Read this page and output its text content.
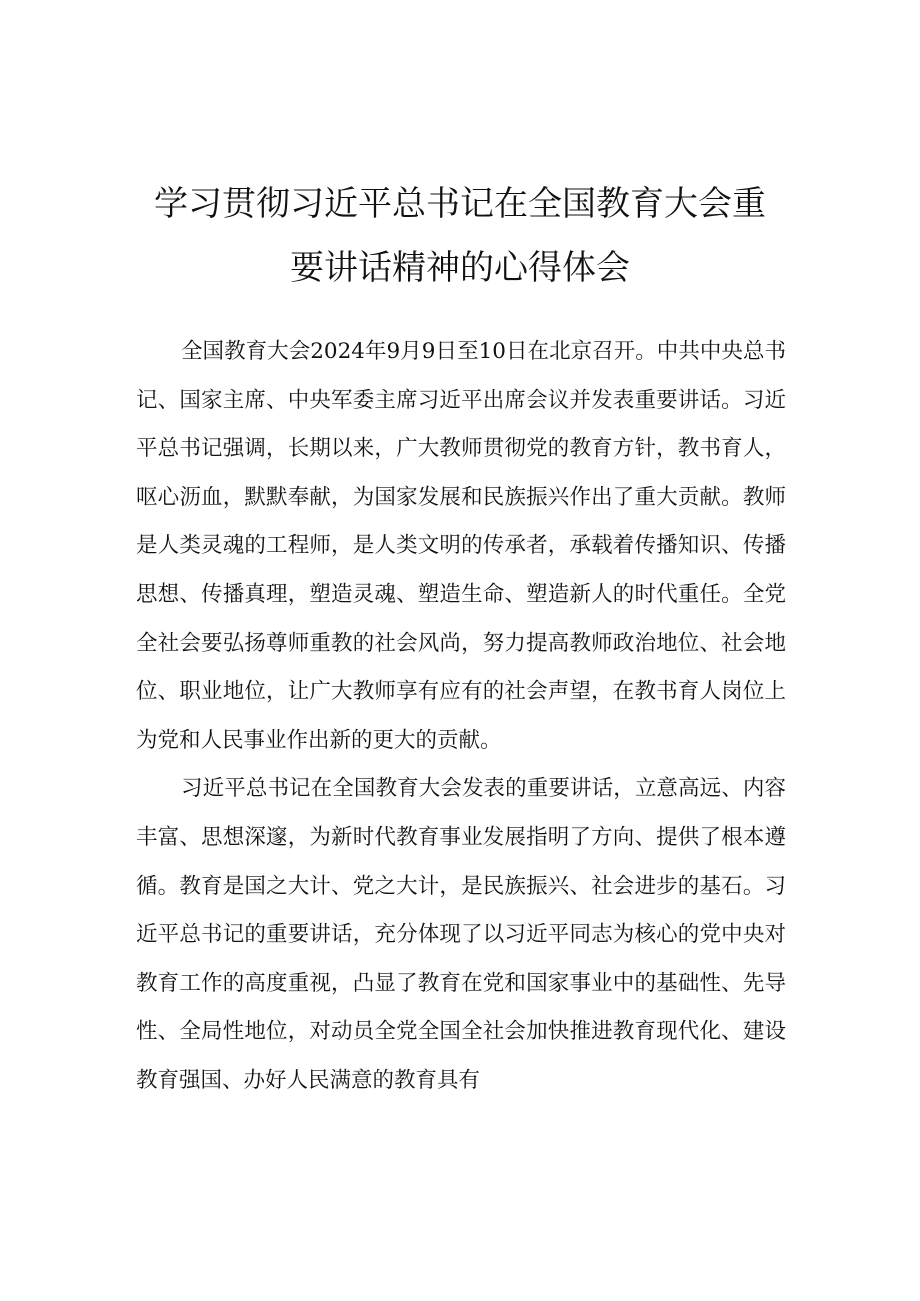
学习贯彻习近平总书记在全国教育大会重
要讲话精神的心得体会

全国教育大会2024年9月9日至10日在北京召开。中共中央总书记、国家主席、中央军委主席习近平出席会议并发表重要讲话。习近平总书记强调，长期以来，广大教师贯彻党的教育方针，教书育人，呕心沥血，默默奉献，为国家发展和民族振兴作出了重大贡献。教师是人类灵魂的工程师，是人类文明的传承者，承载着传播知识、传播思想、传播真理，塑造灵魂、塑造生命、塑造新人的时代重任。全党全社会要弘扬尊师重教的社会风尚，努力提高教师政治地位、社会地位、职业地位，让广大教师享有应有的社会声望，在教书育人岗位上为党和人民事业作出新的更大的贡献。

习近平总书记在全国教育大会发表的重要讲话，立意高远、内容丰富、思想深邃，为新时代教育事业发展指明了方向、提供了根本遵循。教育是国之大计、党之大计，是民族振兴、社会进步的基石。习近平总书记的重要讲话，充分体现了以习近平同志为核心的党中央对教育工作的高度重视，凸显了教育在党和国家事业中的基础性、先导性、全局性地位，对动员全党全国全社会加快推进教育现代化、建设教育强国、办好人民满意的教育具有
